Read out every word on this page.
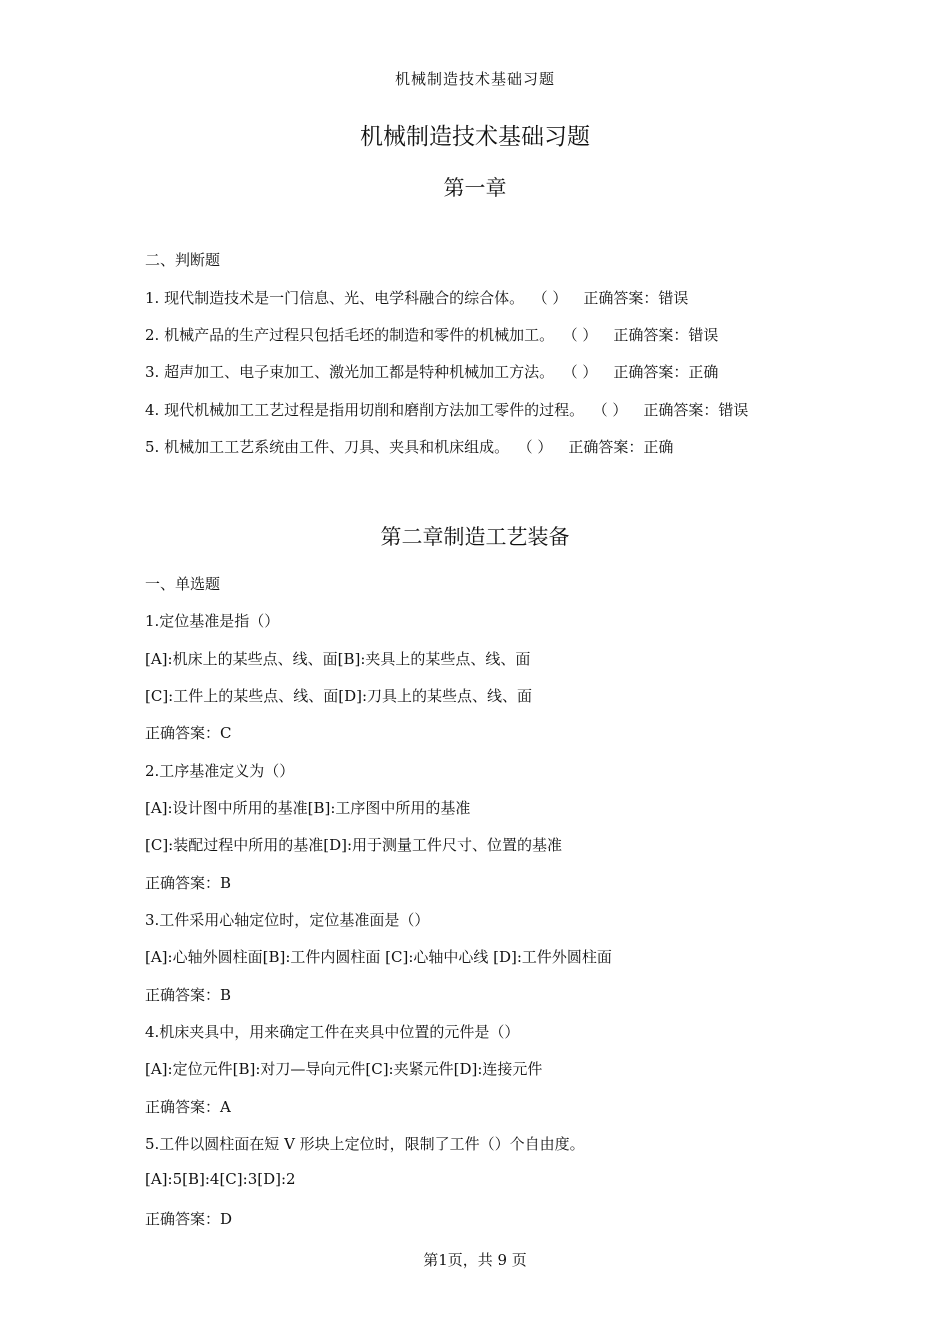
机械制造技术基础习题
机械制造技术基础习题
第一章
二、判断题
1. 现代制造技术是一门信息、光、电学科融合的综合体。 （ ） 正确答案：错误
2. 机械产品的生产过程只包括毛坯的制造和零件的机械加工。 （ ） 正确答案：错误
3. 超声加工、电子束加工、激光加工都是特种机械加工方法。 （ ） 正确答案：正确
4. 现代机械加工工艺过程是指用切削和磨削方法加工零件的过程。 （ ） 正确答案：错误
5. 机械加工工艺系统由工件、刀具、夹具和机床组成。 （ ） 正确答案：正确
第二章制造工艺装备
一、单选题
1.定位基准是指（）
[A]:机床上的某些点、线、面[B]:夹具上的某些点、线、面
[C]:工件上的某些点、线、面[D]:刀具上的某些点、线、面
正确答案：C
2.工序基准定义为（）
[A]:设计图中所用的基准[B]:工序图中所用的基准
[C]:装配过程中所用的基准[D]:用于测量工件尺寸、位置的基准
正确答案：B
3.工件采用心轴定位时，定位基准面是（）
[A]:心轴外圆柱面[B]:工件内圆柱面 [C]:心轴中心线 [D]:工件外圆柱面
正确答案：B
4.机床夹具中，用来确定工件在夹具中位置的元件是（）
[A]:定位元件[B]:对刀—导向元件[C]:夹紧元件[D]:连接元件
正确答案：A
5.工件以圆柱面在短 V 形块上定位时，限制了工件（）个自由度。
[A]:5[B]:4[C]:3[D]:2
正确答案：D
第1页，共 9 页
